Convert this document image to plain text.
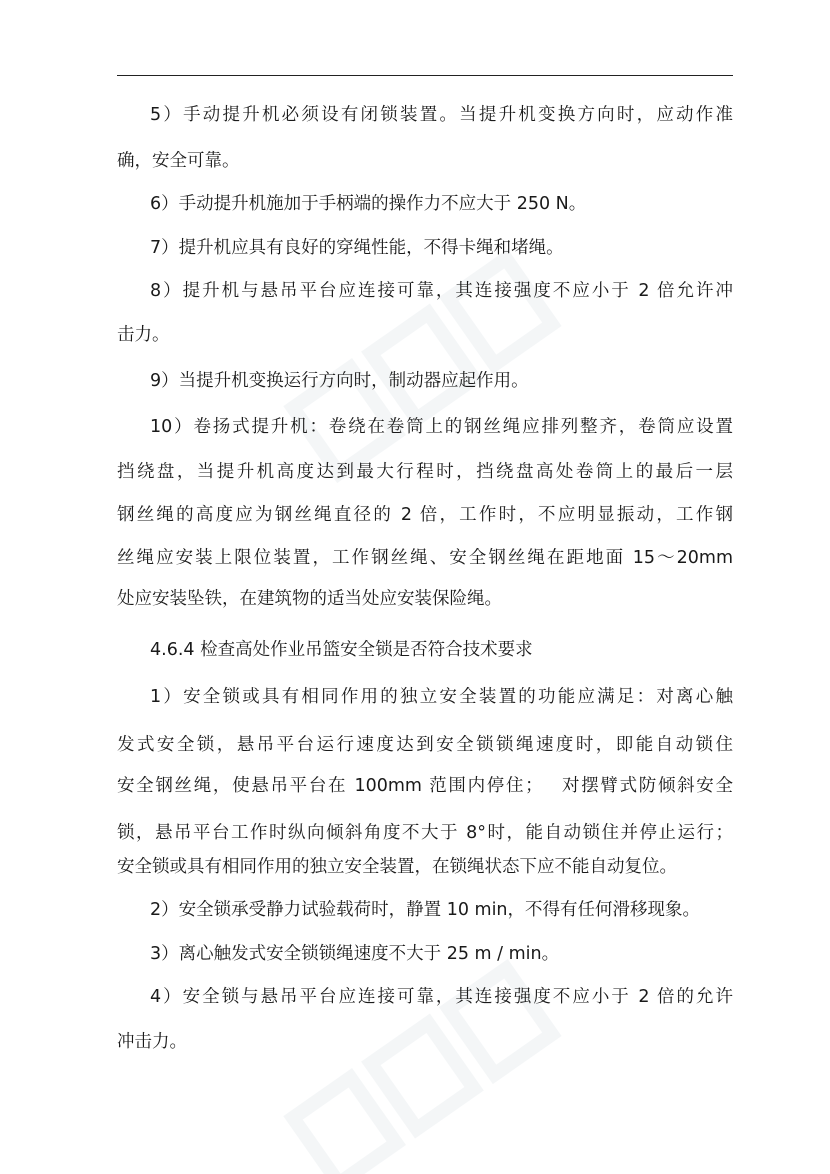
5）手动提升机必须设有闭锁装置。当提升机变换方向时，应动作准
确，安全可靠。
6）手动提升机施加于手柄端的操作力不应大于 250 N。
7）提升机应具有良好的穿绳性能，不得卡绳和堵绳。
8）提升机与悬吊平台应连接可靠，其连接强度不应小于 2 倍允许冲
击力。
9）当提升机变换运行方向时，制动器应起作用。
10）卷扬式提升机：卷绕在卷筒上的钢丝绳应排列整齐，卷筒应设置
挡绕盘，当提升机高度达到最大行程时，挡绕盘高处卷筒上的最后一层
钢丝绳的高度应为钢丝绳直径的 2 倍，工作时，不应明显振动，工作钢
丝绳应安装上限位装置，工作钢丝绳、安全钢丝绳在距地面 15～20mm
处应安装坠铁，在建筑物的适当处应安装保险绳。
4.6.4 检查高处作业吊篮安全锁是否符合技术要求
1）安全锁或具有相同作用的独立安全装置的功能应满足：对离心触
发式安全锁，悬吊平台运行速度达到安全锁锁绳速度时，即能自动锁住
安全钢丝绳，使悬吊平台在 100mm 范围内停住；　 对摆臂式防倾斜安全
锁，悬吊平台工作时纵向倾斜角度不大于 8°时，能自动锁住并停止运行；
安全锁或具有相同作用的独立安全装置，在锁绳状态下应不能自动复位。
2）安全锁承受静力试验载荷时，静置 10 min，不得有任何滑移现象。
3）离心触发式安全锁锁绳速度不大于 25 m / min。
4）安全锁与悬吊平台应连接可靠，其连接强度不应小于 2 倍的允许
冲击力。
